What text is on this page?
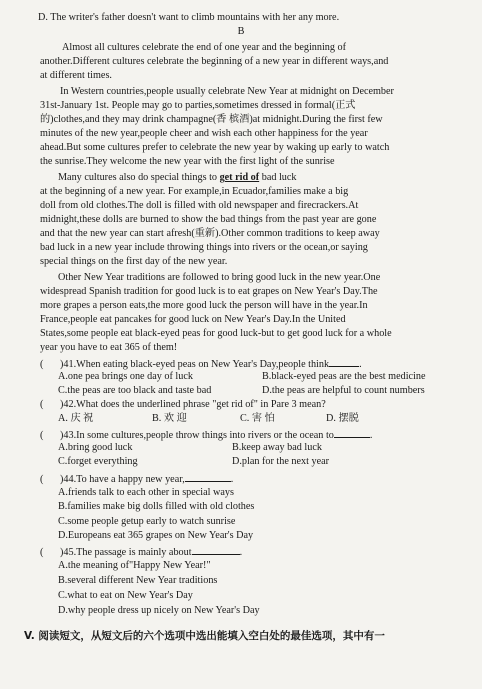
D. The writer's father doesn't want to climb mountains with her any more.
B
Almost all cultures celebrate the end of one year and the beginning of
another.Different cultures celebrate the beginning of a new year in different ways,and
at different times.
In Western countries,people usually celebrate New Year at midnight on December
31st-January 1st. People may go to parties,sometimes dressed in formal(正式
的)clothes,and they may drink champagne(香 槟酒)at midnight.During the first few
minutes of the new year,people cheer and wish each other happiness for the year
ahead.But some cultures prefer to celebrate the new year by waking up early to watch
the sunrise.They welcome the new year with the first light of the sunrise
Many cultures also do special things to get rid of bad luck
at the beginning of a new year. For example,in Ecuador,families make a big
doll from old clothes.The doll is filled with old newspaper and firecrackers.At
midnight,these dolls are burned to show the bad things from the past year are gone
and that the new year can start afresh(重新).Other common traditions to keep away
bad luck in a new year include throwing things into rivers or the ocean,or saying
special things on the first day of the new year.
Other New Year traditions are followed to bring good luck in the new year.One
widespread Spanish tradition for good luck is to eat grapes on New Year's Day.The
more grapes a person eats,the more good luck the person will have in the year.In
France,people eat pancakes for good luck on New Year's Day.In the United
States,some people eat black-eyed peas for good luck-but to get good luck for a whole
year you have to eat 365 of them!
( )41.When eating black-eyed peas on New Year's Day,people think	.
A.one pea brings one day of luck	B.black-eyed peas are the best medicine
C.the peas are too black and taste bad	D.the peas are helpful to count numbers
( )42.What does the underlined phrase "get rid of" in Pare 3 mean?
A. 庆 祝	B. 欢 迎	C. 害 怕	D. 摆脱
( )43.In some cultures,people throw things into rivers or the ocean to	.
A.bring good luck	B.keep away bad luck
C.forget everything	D.plan for the next year
( )44.To have a happy new year,	.
A.friends talk to each other in special ways
B.families make big dolls filled with old clothes
C.some people getup early to watch sunrise
D.Europeans eat 365 grapes on New Year's Day
( )45.The passage is mainly about	.
A.the meaning of"Happy New Year!"
B.several different New Year traditions
C.what to eat on New Year's Day
D.why people dress up nicely on New Year's Day
V. 阅读短文，从短文后的六个选项中选出能填入空白处的最佳选项，其中有一
